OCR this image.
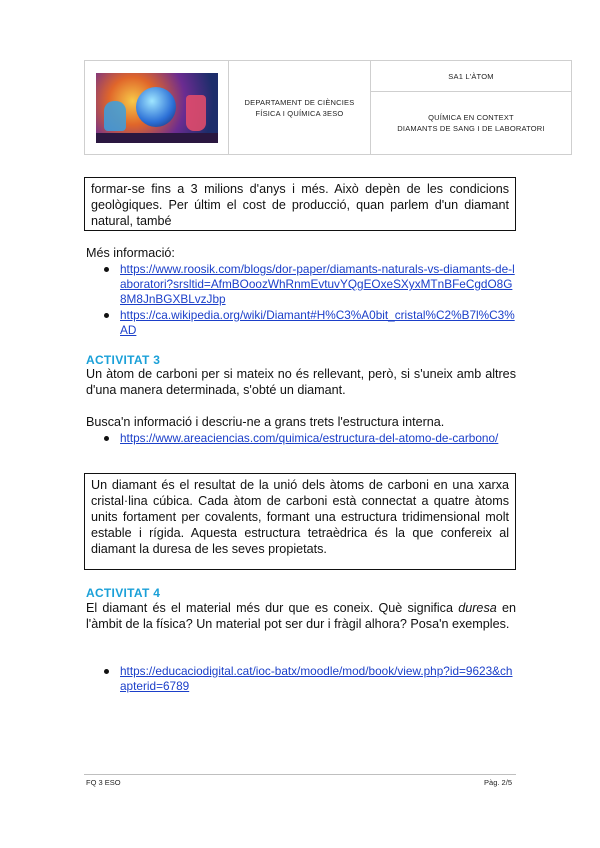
DEPARTAMENT DE CIÈNCIES
FÍSICA I QUÍMICA 3ESO
	SA1 L'ÀTOM

QUÍMICA EN CONTEXT
DIAMANTS DE SANG I DE LABORATORI
formar-se fins a 3 milions d'anys i més. Això depèn de les condicions geològiques. Per últim el cost de producció, quan parlem d'un diamant natural, també
Més informació:
https://www.roosik.com/blogs/dor-paper/diamants-naturals-vs-diamants-de-laboratori?srsltid=AfmBOoozWhRnmEvtuvYQgEOxeSXyxMTnBFeCgdO8G8M8JnBGXBLvzJbp
https://ca.wikipedia.org/wiki/Diamant#H%C3%A0bit_cristal%C2%B7l%C3%AD
ACTIVITAT 3
Un àtom de carboni per si mateix no és rellevant, però, si s'uneix amb altres d'una manera determinada, s'obté un diamant.
Busca'n informació i descriu-ne a grans trets l'estructura interna.
https://www.areaciencias.com/quimica/estructura-del-atomo-de-carbono/
Un diamant és el resultat de la unió dels àtoms de carboni en una xarxa cristal·lina cúbica. Cada àtom de carboni està connectat a quatre àtoms units fortament per covalents, formant una estructura tridimensional molt estable i rígida. Aquesta estructura tetraèdrica és la que confereix al diamant la duresa de les seves propietats.
ACTIVITAT 4
El diamant és el material més dur que es coneix. Què significa duresa en l'àmbit de la física? Un material pot ser dur i fràgil alhora? Posa'n exemples.
https://educaciodigital.cat/ioc-batx/moodle/mod/book/view.php?id=9623&chapterid=6789
FQ 3 ESO	Pàg. 2/5
